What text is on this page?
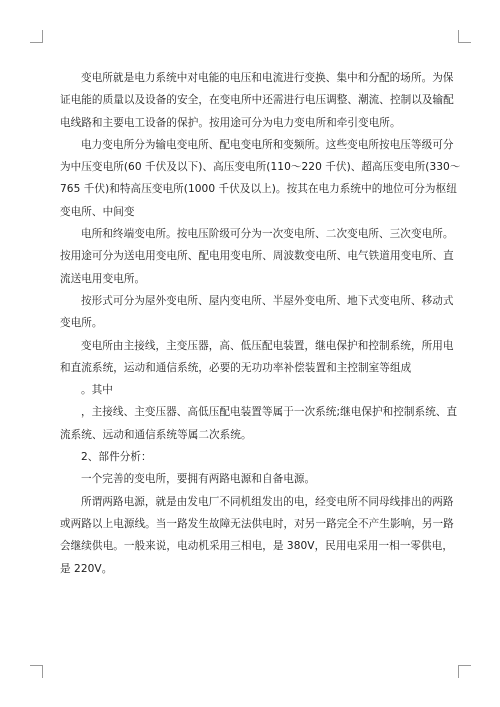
变电所就是电力系统中对电能的电压和电流进行变换、集中和分配的场所。为保

证电能的质量以及设备的安全，在变电所中还需进行电压调整、潮流、控制以及输配

电线路和主要电工设备的保护。按用途可分为电力变电所和牵引变电所。

电力变电所分为输电变电所、配电变电所和变频所。这些变电所按电压等级可分

为中压变电所(60 千伏及以下)、高压变电所(110～220 千伏)、超高压变电所(330～

765 千伏)和特高压变电所(1000 千伏及以上)。按其在电力系统中的地位可分为枢纽

变电所、中间变

电所和终端变电所。按电压阶级可分为一次变电所、二次变电所、三次变电所。

按用途可分为送电用变电所、配电用变电所、周波数变电所、电气铁道用变电所、直

流送电用变电所。

按形式可分为屋外变电所、屋内变电所、半屋外变电所、地下式变电所、移动式

变电所。

变电所由主接线，主变压器，高、低压配电装置，继电保护和控制系统，所用电

和直流系统，运动和通信系统，必要的无功功率补偿装置和主控制室等组成

。其中

，主接线、主变压器、高低压配电装置等属于一次系统;继电保护和控制系统、直

流系统、远动和通信系统等属二次系统。

2、部件分析：

一个完善的变电所，要拥有两路电源和自备电源。

所谓两路电源，就是由发电厂不同机组发出的电，经变电所不同母线排出的两路

或两路以上电源线。当一路发生故障无法供电时，对另一路完全不产生影响，另一路

会继续供电。一般来说，电动机采用三相电，是 380V，民用电采用一相一零供电，

是 220V。
